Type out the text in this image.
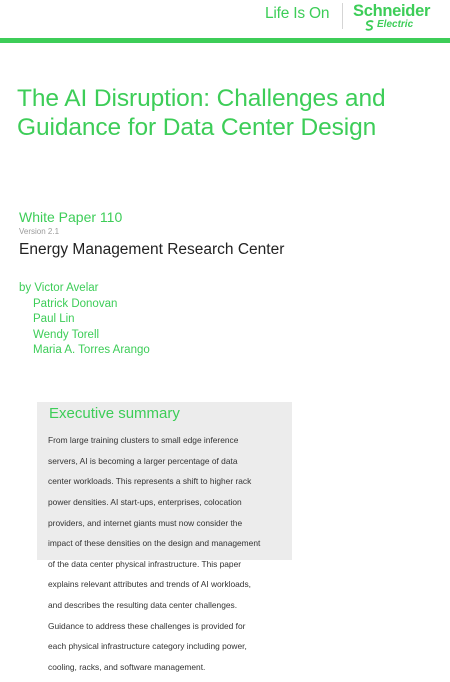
Life Is On Schneider
Electric
The AI Disruption: Challenges and Guidance for Data Center Design
White Paper 110
Version 2.1
Energy Management Research Center
by Victor Avelar
Patrick Donovan
Paul Lin
Wendy Torell
Maria A. Torres Arango
Executive summary

From large training clusters to small edge inference

servers, AI is becoming a larger percentage of data

center workloads. This represents a shift to higher rack

power densities. AI start-ups, enterprises, colocation

providers, and internet giants must now consider the

impact of these densities on the design and management

of the data center physical infrastructure. This paper

explains relevant attributes and trends of AI workloads,

and describes the resulting data center challenges.

Guidance to address these challenges is provided for

each physical infrastructure category including power,

cooling, racks, and software management.
